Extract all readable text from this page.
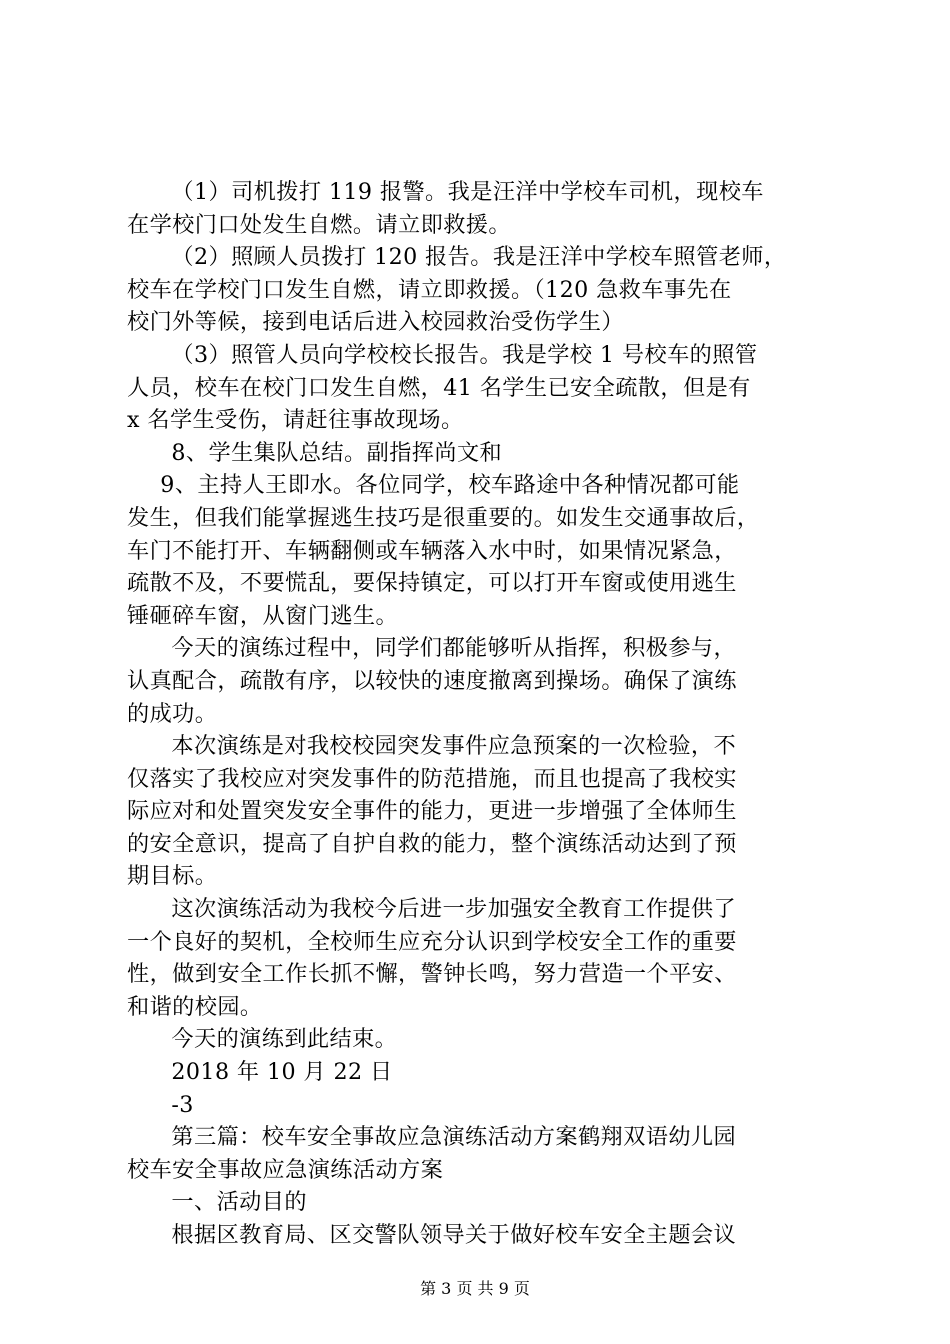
（1）司机拨打 119 报警。我是汪洋中学校车司机，现校车
在学校门口处发生自燃。请立即救援。
（2）照顾人员拨打 120 报告。我是汪洋中学校车照管老师，
校车在学校门口发生自燃，请立即救援。（120 急救车事先在
校门外等候，接到电话后进入校园救治受伤学生）
（3）照管人员向学校校长报告。我是学校 1 号校车的照管
人员，校车在校门口发生自燃，41 名学生已安全疏散，但是有
x 名学生受伤，请赶往事故现场。
8、学生集队总结。副指挥尚文和
9、主持人王即水。各位同学，校车路途中各种情况都可能
发生，但我们能掌握逃生技巧是很重要的。如发生交通事故后，
车门不能打开、车辆翻侧或车辆落入水中时，如果情况紧急，
疏散不及，不要慌乱，要保持镇定，可以打开车窗或使用逃生
锤砸碎车窗，从窗门逃生。
今天的演练过程中，同学们都能够听从指挥，积极参与，
认真配合，疏散有序，以较快的速度撤离到操场。确保了演练
的成功。
本次演练是对我校校园突发事件应急预案的一次检验，不
仅落实了我校应对突发事件的防范措施，而且也提高了我校实
际应对和处置突发安全事件的能力，更进一步增强了全体师生
的安全意识，提高了自护自救的能力，整个演练活动达到了预
期目标。
这次演练活动为我校今后进一步加强安全教育工作提供了
一个良好的契机，全校师生应充分认识到学校安全工作的重要
性，做到安全工作长抓不懈，警钟长鸣，努力营造一个平安、
和谐的校园。
今天的演练到此结束。
2018 年 10 月 22 日
-3
第三篇：校车安全事故应急演练活动方案鹤翔双语幼儿园
校车安全事故应急演练活动方案
一、活动目的
根据区教育局、区交警队领导关于做好校车安全主题会议
第 3 页 共 9 页
